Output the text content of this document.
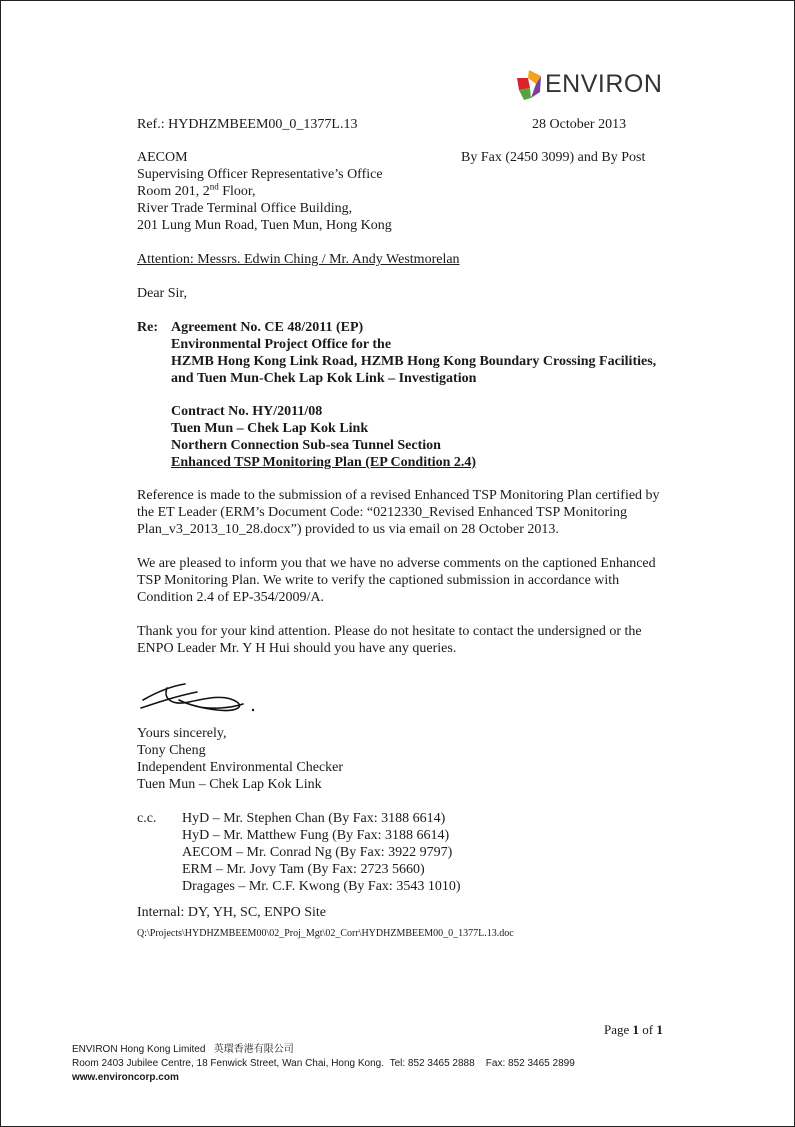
ENVIRON
Ref.: HYDHZMBEEM00_0_1377L.13	28 October 2013
AECOM
Supervising Officer Representative’s Office
Room 201, 2nd Floor,
River Trade Terminal Office Building,
201 Lung Mun Road, Tuen Mun, Hong Kong
By Fax (2450 3099) and By Post
Attention: Messrs. Edwin Ching / Mr. Andy Westmorelan
Dear Sir,
Re: Agreement No. CE 48/2011 (EP)
Environmental Project Office for the
HZMB Hong Kong Link Road, HZMB Hong Kong Boundary Crossing Facilities,
and Tuen Mun-Chek Lap Kok Link – Investigation
Contract No. HY/2011/08
Tuen Mun – Chek Lap Kok Link
Northern Connection Sub-sea Tunnel Section
Enhanced TSP Monitoring Plan (EP Condition 2.4)
Reference is made to the submission of a revised Enhanced TSP Monitoring Plan certified by
the ET Leader (ERM’s Document Code: “0212330_Revised Enhanced TSP Monitoring
Plan_v3_2013_10_28.docx”) provided to us via email on 28 October 2013.
We are pleased to inform you that we have no adverse comments on the captioned Enhanced
TSP Monitoring Plan. We write to verify the captioned submission in accordance with
Condition 2.4 of EP-354/2009/A.
Thank you for your kind attention. Please do not hesitate to contact the undersigned or the
ENPO Leader Mr. Y H Hui should you have any queries.
Yours sincerely,
Tony Cheng
Independent Environmental Checker
Tuen Mun – Chek Lap Kok Link
c.c. HyD – Mr. Stephen Chan (By Fax: 3188 6614)
HyD – Mr. Matthew Fung (By Fax: 3188 6614)
AECOM – Mr. Conrad Ng (By Fax: 3922 9797)
ERM – Mr. Jovy Tam (By Fax: 2723 5660)
Dragages – Mr. C.F. Kwong (By Fax: 3543 1010)
Internal: DY, YH, SC, ENPO Site
Q:\Projects\HYDHZMBEEM00\02_Proj_Mgt\02_Corr\HYDHZMBEEM00_0_1377L.13.doc
Page 1 of 1
ENVIRON Hong Kong Limited 英環香港有限公司
Room 2403 Jubilee Centre, 18 Fenwick Street, Wan Chai, Hong Kong. Tel: 852 3465 2888 Fax: 852 3465 2899
www.environcorp.com
